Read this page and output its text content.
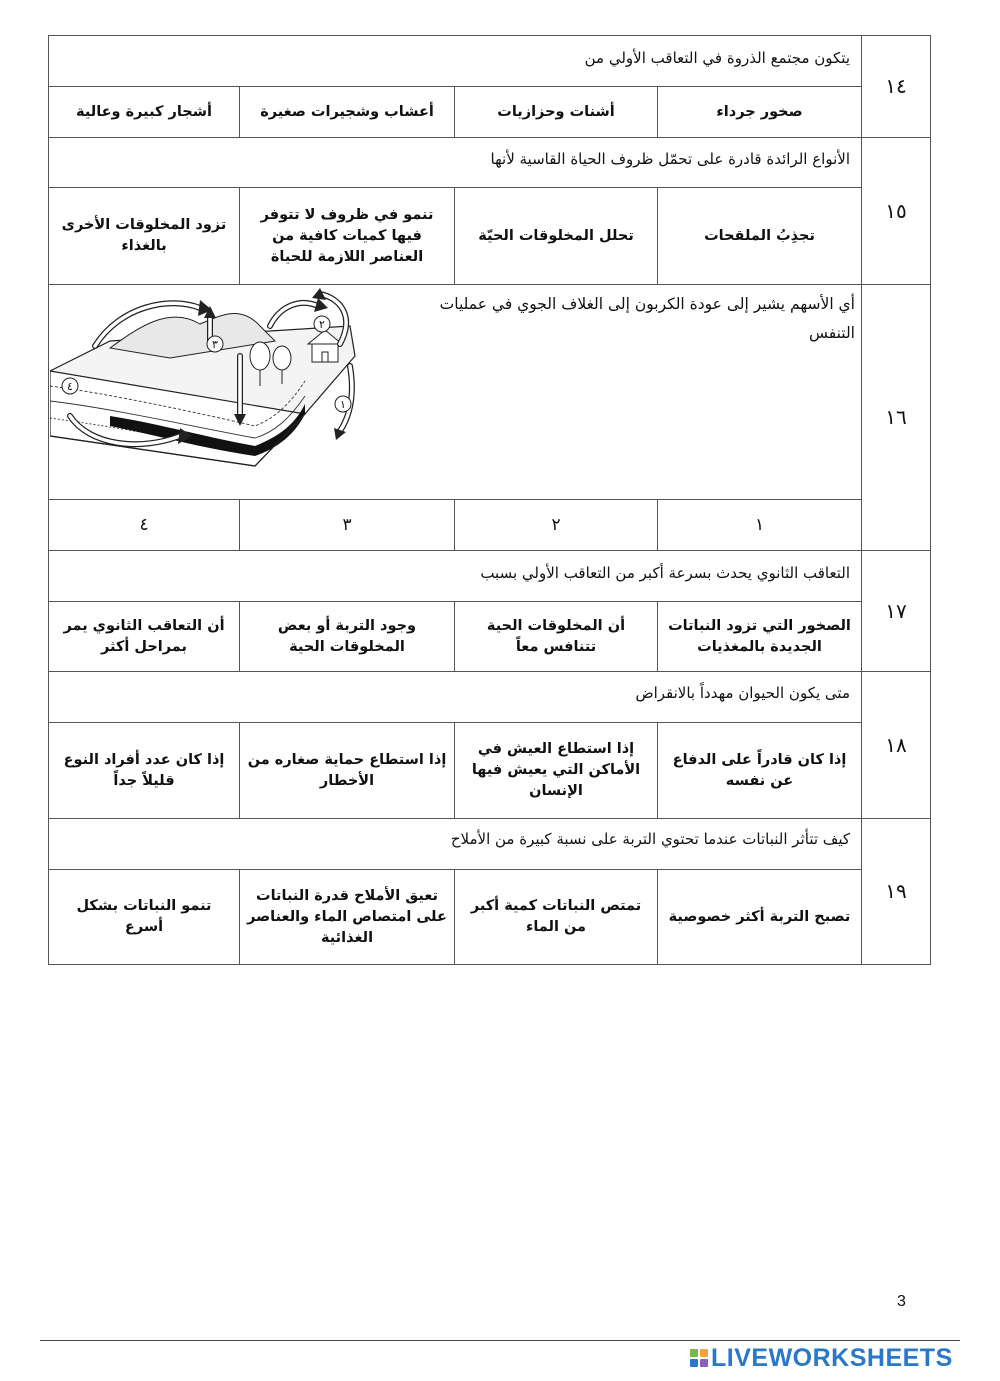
١٤
يتكون مجتمع الذروة في التعاقب الأولي من
صخور جرداء
أشنات وحزازيات
أعشاب وشجيرات صغيرة
أشجار كبيرة وعالية
١٥
الأنواع الرائدة قادرة على تحمّل ظروف الحياة القاسية لأنها
تجذِبُ الملقحات
تحلل المخلوقات الحيّة
تنمو في ظروف لا تتوفر فيها كميات كافية من العناصر اللازمة للحياة
تزود المخلوقات الأخرى بالغذاء
١٦
أي الأسهم يشير إلى عودة الكربون إلى الغلاف الجوي في عمليات التنفس
٤
٣
٢
١
١
٢
٣
٤
١٧
التعاقب الثانوي يحدث بسرعة أكبر من التعاقب الأولي بسبب
الصخور التي تزود النباتات الجديدة بالمغذيات
أن المخلوقات الحية تتنافس معاً
وجود التربة أو بعض المخلوقات الحية
أن التعاقب الثانوي يمر بمراحل أكثر
١٨
متى يكون الحيوان مهدداً بالانقراض
إذا كان قادراً على الدفاع عن نفسه
إذا استطاع العيش في الأماكن التي يعيش فيها الإنسان
إذا استطاع حماية صغاره من الأخطار
إذا كان عدد أفراد النوع قليلاً جداً
١٩
كيف تتأثر النباتات عندما تحتوي التربة على نسبة كبيرة من الأملاح
تصبح التربة أكثر خصوصية
تمتص النباتات كمية أكبر من الماء
تعيق الأملاح قدرة النباتات على امتصاص الماء والعناصر الغذائية
تنمو النباتات بشكل أسرع
3
LIVEWORKSHEETS
